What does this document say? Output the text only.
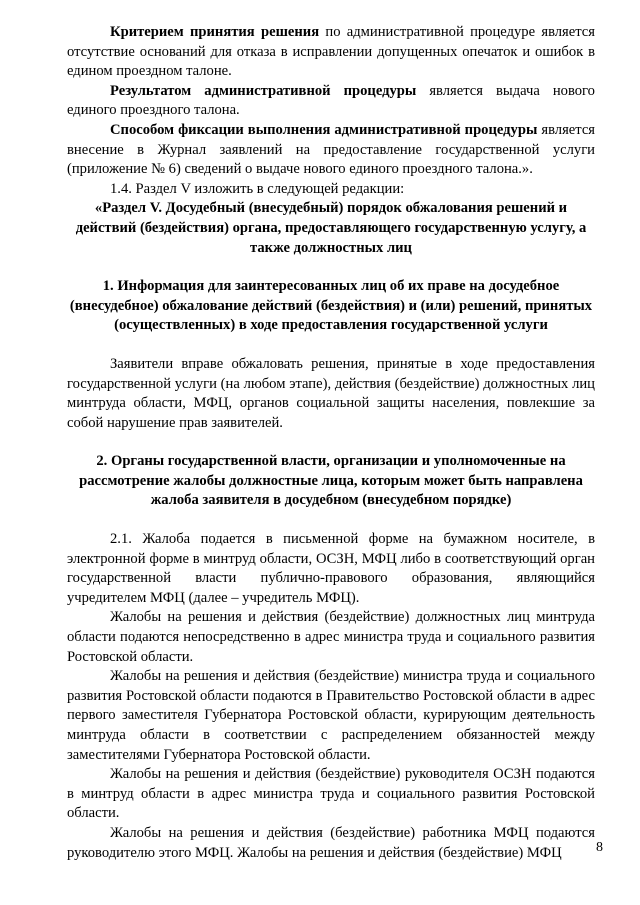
Критерием принятия решения по административной процедуре является отсутствие оснований для отказа в исправлении допущенных опечаток и ошибок в едином проездном талоне.

Результатом административной процедуры является выдача нового единого проездного талона.

Способом фиксации выполнения административной процедуры является внесение в Журнал заявлений на предоставление государственной услуги (приложение № 6) сведений о выдаче нового единого проездного талона.».

1.4. Раздел V изложить в следующей редакции:

«Раздел V. Досудебный (внесудебный) порядок обжалования решений и действий (бездействия) органа, предоставляющего государственную услугу, а также должностных лиц

1. Информация для заинтересованных лиц об их праве на досудебное (внесудебное) обжалование действий (бездействия) и (или) решений, принятых (осуществленных) в ходе предоставления государственной услуги

Заявители вправе обжаловать решения, принятые в ходе предоставления государственной услуги (на любом этапе), действия (бездействие) должностных лиц минтруда области, МФЦ, органов социальной защиты населения, повлекшие за собой нарушение прав заявителей.

2. Органы государственной власти, организации и уполномоченные на рассмотрение жалобы должностные лица, которым может быть направлена жалоба заявителя в досудебном (внесудебном порядке)

2.1. Жалоба подается в письменной форме на бумажном носителе, в электронной форме в минтруд области, ОСЗН, МФЦ либо в соответствующий орган государственной власти публично-правового образования, являющийся учредителем МФЦ (далее – учредитель МФЦ).

Жалобы на решения и действия (бездействие) должностных лиц минтруда области подаются непосредственно в адрес министра труда и социального развития Ростовской области.

Жалобы на решения и действия (бездействие) министра труда и социального развития Ростовской области подаются в Правительство Ростовской области в адрес первого заместителя Губернатора Ростовской области, курирующим деятельность минтруда области в соответствии с распределением обязанностей между заместителями Губернатора Ростовской области.

Жалобы на решения и действия (бездействие) руководителя ОСЗН подаются в минтруд области в адрес министра труда и социального развития Ростовской области.

Жалобы на решения и действия (бездействие) работника МФЦ подаются руководителю этого МФЦ. Жалобы на решения и действия (бездействие) МФЦ	8
